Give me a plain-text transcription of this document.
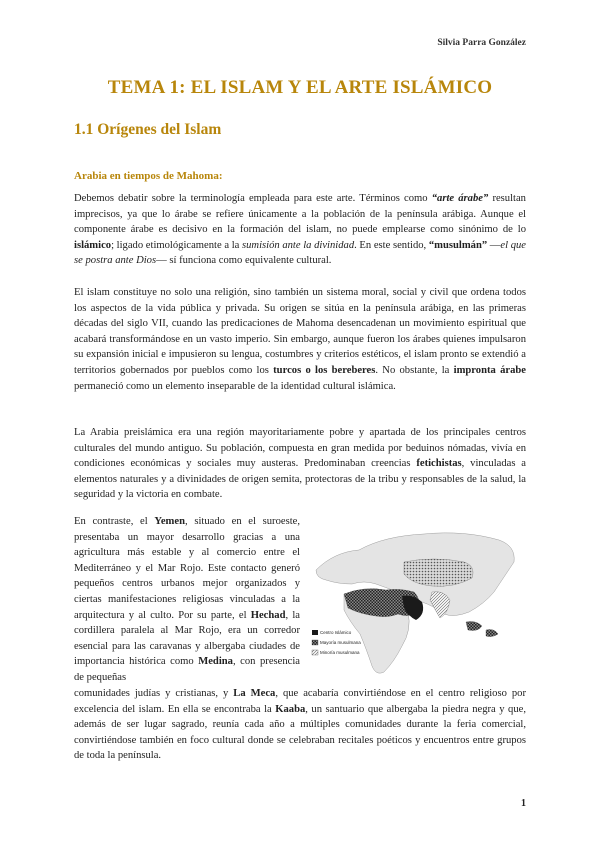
Silvia Parra González
TEMA 1: EL ISLAM Y EL ARTE ISLÁMICO
1.1 Orígenes del Islam
Arabia en tiempos de Mahoma:

Debemos debatir sobre la terminología empleada para este arte. Términos como “arte árabe” resultan imprecisos, ya que lo árabe se refiere únicamente a la población de la península arábiga. Aunque el componente árabe es decisivo en la formación del islam, no puede emplearse como sinónimo de lo islámico; ligado etimológicamente a la sumisión ante la divinidad. En este sentido, “musulmán” —el que se postra ante Dios— sí funciona como equivalente cultural.

El islam constituye no solo una religión, sino también un sistema moral, social y civil que ordena todos los aspectos de la vida pública y privada. Su origen se sitúa en la península arábiga, en las primeras décadas del siglo VII, cuando las predicaciones de Mahoma desencadenan un movimiento espiritual que acabará transformándose en un vasto imperio. Sin embargo, aunque fueron los árabes quienes impulsaron su expansión inicial e impusieron su lengua, costumbres y criterios estéticos, el islam pronto se extendió a territorios gobernados por pueblos como los turcos o los bereberes. No obstante, la impronta árabe permaneció como un elemento inseparable de la identidad cultural islámica.

La Arabia preislámica era una región mayoritariamente pobre y apartada de los principales centros culturales del mundo antiguo. Su población, compuesta en gran medida por beduinos nómadas, vivía en condiciones económicas y sociales muy austeras. Predominaban creencias fetichistas, vinculadas a elementos naturales y a divinidades de origen semita, protectoras de la tribu y responsables de la salud, la seguridad y la victoria en combate.

En contraste, el Yemen, situado en el suroeste, presentaba un mayor desarrollo gracias a una agricultura más estable y al comercio entre el Mediterráneo y el Mar Rojo. Este contacto generó pequeños centros urbanos mejor organizados y ciertas manifestaciones religiosas vinculadas a la arquitectura y al culto. Por su parte, el Hechad, la cordillera paralela al Mar Rojo, era un corredor esencial para las caravanas y albergaba ciudades de importancia histórica como Medina, con presencia de pequeñas

Centro Islámico
Mayoría musulmana
Minoría musulmana

comunidades judías y cristianas, y La Meca, que acabaría convirtiéndose en el centro religioso por excelencia del islam. En ella se encontraba la Kaaba, un santuario que albergaba la piedra negra y que, además de ser lugar sagrado, reunía cada año a múltiples comunidades durante la feria comercial, convirtiéndose también en foco cultural donde se celebraban recitales poéticos y encuentros entre grupos de toda la península.

1
